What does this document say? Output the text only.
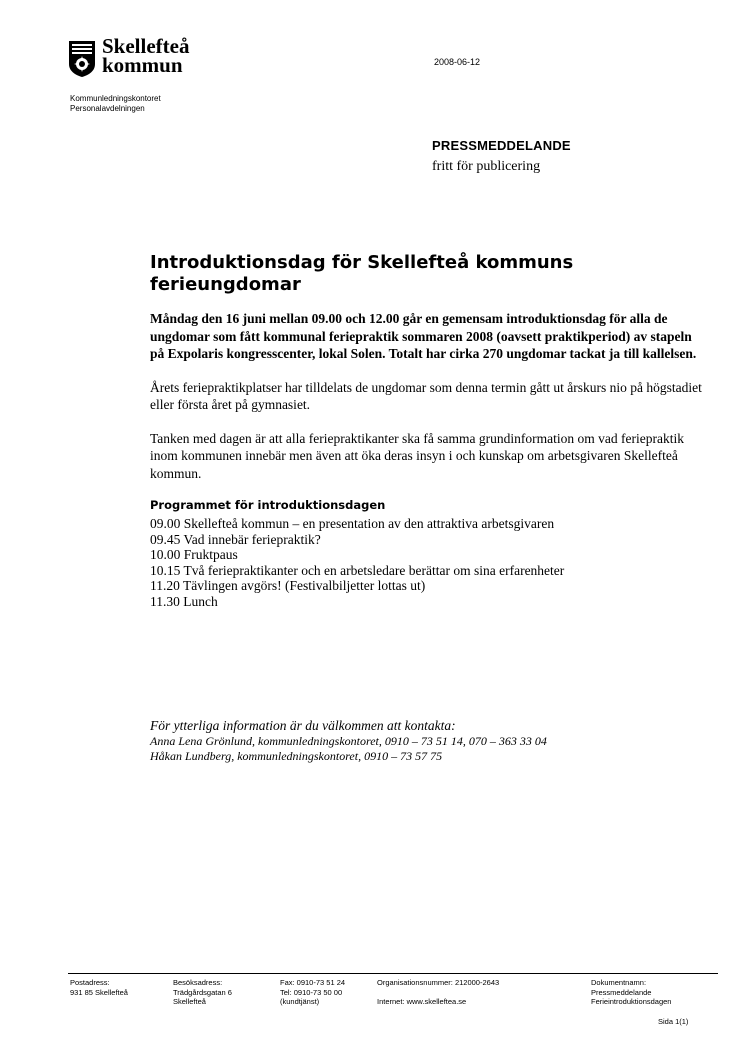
Skellefteå
kommun
Kommunledningskontoret
Personalavdelningen
2008-06-12
PRESSMEDDELANDE
fritt för publicering
Introduktionsdag för Skellefteå kommuns ferieungdomar

Måndag den 16 juni mellan 09.00 och 12.00 går en gemensam introduktionsdag för alla de ungdomar som fått kommunal feriepraktik sommaren 2008 (oavsett praktikperiod) av stapeln på Expolaris kongresscenter, lokal Solen. Totalt har cirka 270 ungdomar tackat ja till kallelsen.

Årets feriepraktikplatser har tilldelats de ungdomar som denna termin gått ut årskurs nio på högstadiet eller första året på gymnasiet.

Tanken med dagen är att alla feriepraktikanter ska få samma grundinformation om vad feriepraktik inom kommunen innebär men även att öka deras insyn i och kunskap om arbetsgivaren Skellefteå kommun.

Programmet för introduktionsdagen
09.00 Skellefteå kommun – en presentation av den attraktiva arbetsgivaren
09.45 Vad innebär feriepraktik?
10.00 Fruktpaus
10.15 Två feriepraktikanter och en arbetsledare berättar om sina erfarenheter
11.20 Tävlingen avgörs! (Festivalbiljetter lottas ut)
11.30 Lunch
För ytterliga information är du välkommen att kontakta:
Anna Lena Grönlund, kommunledningskontoret, 0910 – 73 51 14, 070 – 363 33 04
Håkan Lundberg, kommunledningskontoret, 0910 – 73 57 75
Postadress:
931 85 Skellefteå
Besöksadress:
Trädgårdsgatan 6
Skellefteå
Fax: 0910-73 51 24
Tel: 0910-73 50 00
(kundtjänst)
Organisationsnummer: 212000-2643
Internet: www.skelleftea.se
Dokumentnamn:
Pressmeddelande
Ferieintroduktionsdagen
Sida 1(1)
